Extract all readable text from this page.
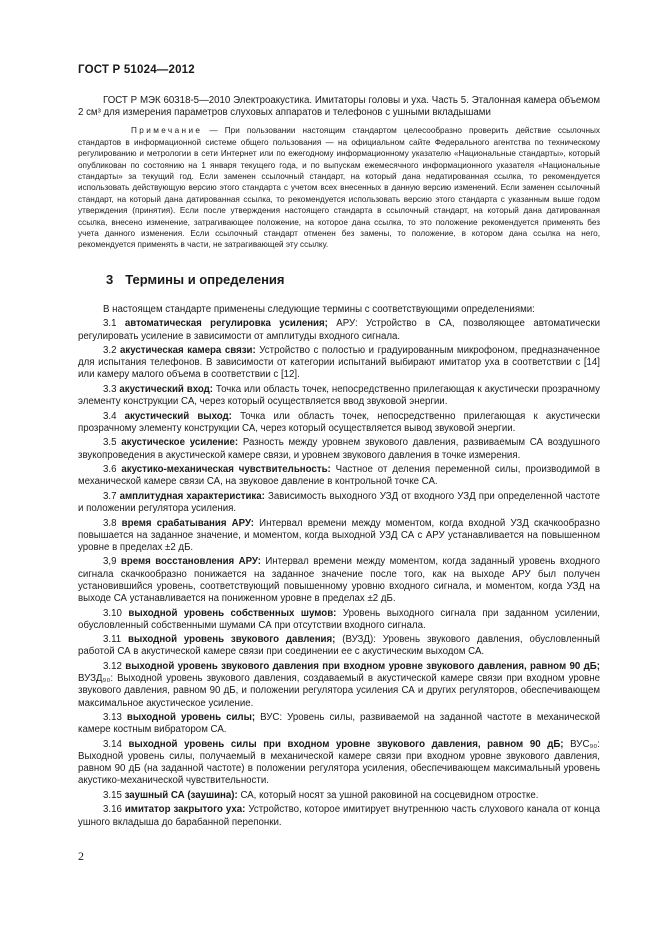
ГОСТ Р 51024—2012

ГОСТ Р МЭК 60318-5—2010 Электроакустика. Имитаторы головы и уха. Часть 5. Эталонная камера объемом 2 см³ для измерения параметров слуховых аппаратов и телефонов с ушными вкладышами

Примечание — При пользовании настоящим стандартом целесообразно проверить действие ссылочных стандартов в информационной системе общего пользования — на официальном сайте Федерального агентства по техническому регулированию и метрологии в сети Интернет или по ежегодному информационному указателю «Национальные стандарты», который опубликован по состоянию на 1 января текущего года, и по выпускам ежемесячного информационного указателя «Национальные стандарты» за текущий год. Если заменен ссылочный стандарт, на который дана недатированная ссылка, то рекомендуется использовать действующую версию этого стандарта с учетом всех внесенных в данную версию изменений. Если заменен ссылочный стандарт, на который дана датированная ссылка, то рекомендуется использовать версию этого стандарта с указанным выше годом утверждения (принятия). Если после утверждения настоящего стандарта в ссылочный стандарт, на который дана датированная ссылка, внесено изменение, затрагивающее положение, на которое дана ссылка, то это положение рекомендуется применять без учета данного изменения. Если ссылочный стандарт отменен без замены, то положение, в котором дана ссылка на него, рекомендуется применять в части, не затрагивающей эту ссылку.

3 Термины и определения

В настоящем стандарте применены следующие термины с соответствующими определениями:

3.1 автоматическая регулировка усиления; АРУ: Устройство в СА, позволяющее автоматически регулировать усиление в зависимости от амплитуды входного сигнала.

3.2 акустическая камера связи: Устройство с полостью и градуированным микрофоном, предназначенное для испытания телефонов. В зависимости от категории испытаний выбирают имитатор уха в соответствии с [14] или камеру малого объема в соответствии с [12].

3.3 акустический вход: Точка или область точек, непосредственно прилегающая к акустически прозрачному элементу конструкции СА, через который осуществляется ввод звуковой энергии.

3.4 акустический выход: Точка или область точек, непосредственно прилегающая к акустически прозрачному элементу конструкции СА, через который осуществляется вывод звуковой энергии.

3.5 акустическое усиление: Разность между уровнем звукового давления, развиваемым СА воздушного звукопроведения в акустической камере связи, и уровнем звукового давления в точке измерения.

3.6 акустико-механическая чувствительность: Частное от деления переменной силы, производимой в механической камере связи СА, на звуковое давление в контрольной точке СА.

3.7 амплитудная характеристика: Зависимость выходного УЗД от входного УЗД при определенной частоте и положении регулятора усиления.

3.8 время срабатывания АРУ: Интервал времени между моментом, когда входной УЗД скачкообразно повышается на заданное значение, и моментом, когда выходной УЗД СА с АРУ устанавливается на повышенном уровне в пределах ±2 дБ.

3,9 время восстановления АРУ: Интервал времени между моментом, когда заданный уровень входного сигнала скачкообразно понижается на заданное значение после того, как на выходе АРУ был получен установившийся уровень, соответствующий повышенному уровню входного сигнала, и моментом, когда УЗД на выходе СА устанавливается на пониженном уровне в пределах ±2 дБ.

3.10 выходной уровень собственных шумов: Уровень выходного сигнала при заданном усилении, обусловленный собственными шумами СА при отсутствии входного сигнала.

3.11 выходной уровень звукового давления; (ВУЗД): Уровень звукового давления, обусловленный работой СА в акустической камере связи при соединении ее с акустическим выходом СА.

3.12 выходной уровень звукового давления при входном уровне звукового давления, равном 90 дБ; ВУЗД₉₀: Выходной уровень звукового давления, создаваемый в акустической камере связи при входном уровне звукового давления, равном 90 дБ, и положении регулятора усиления СА и других регуляторов, обеспечивающем максимальное акустическое усиление.

3.13 выходной уровень силы; ВУС: Уровень силы, развиваемой на заданной частоте в механической камере костным вибратором СА.

3.14 выходной уровень силы при входном уровне звукового давления, равном 90 дБ; ВУС₉₀: Выходной уровень силы, получаемый в механической камере связи при входном уровне звукового давления, равном 90 дБ (на заданной частоте) в положении регулятора усиления, обеспечивающем максимальный уровень акустико-механической чувствительности.

3.15 заушный СА (заушина): СА, который носят за ушной раковиной на сосцевидном отростке.

3.16 имитатор закрытого уха: Устройство, которое имитирует внутреннюю часть слухового канала от конца ушного вкладыша до барабанной перепонки.

2
